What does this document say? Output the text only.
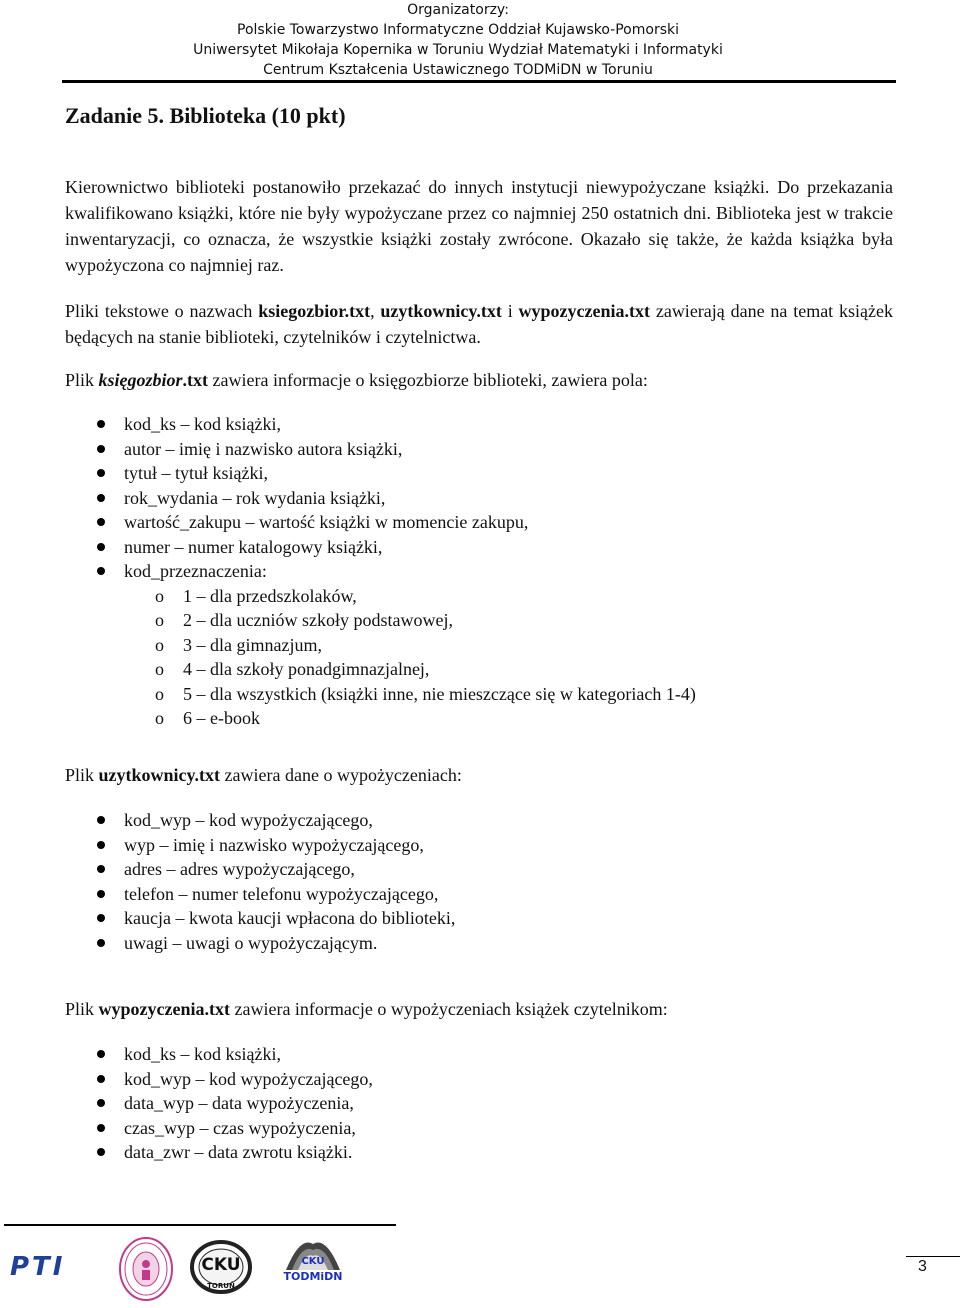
Organizatorzy:
Polskie Towarzystwo Informatyczne Oddział Kujawsko-Pomorski
Uniwersytet Mikołaja Kopernika w Toruniu Wydział Matematyki i Informatyki
Centrum Kształcenia Ustawicznego TODMiDN w Toruniu
Zadanie 5. Biblioteka (10 pkt)

Kierownictwo biblioteki postanowiło przekazać do innych instytucji niewypożyczane książki. Do przekazania kwalifikowano książki, które nie były wypożyczane przez co najmniej 250 ostatnich dni. Biblioteka jest w trakcie inwentaryzacji, co oznacza, że wszystkie książki zostały zwrócone. Okazało się także, że każda książka była wypożyczona co najmniej raz.

Pliki tekstowe o nazwach ksiegozbior.txt, uzytkownicy.txt i wypozyczenia.txt zawierają dane na temat książek będących na stanie biblioteki, czytelników i czytelnictwa.

Plik księgozbior.txt zawiera informacje o księgozbiorze biblioteki, zawiera pola:
kod_ks – kod książki,
autor – imię i nazwisko autora książki,
tytuł – tytuł książki,
rok_wydania – rok wydania książki,
wartość_zakupu – wartość książki w momencie zakupu,
numer – numer katalogowy książki,
kod_przeznaczenia:
o 1 – dla przedszkolaków,
o 2 – dla uczniów szkoły podstawowej,
o 3 – dla gimnazjum,
o 4 – dla szkoły ponadgimnazjalnej,
o 5 – dla wszystkich (książki inne, nie mieszczące się w kategoriach 1-4)
o 6 – e-book
Plik uzytkownicy.txt zawiera dane o wypożyczeniach:
kod_wyp – kod wypożyczającego,
wyp – imię i nazwisko wypożyczającego,
adres – adres wypożyczającego,
telefon – numer telefonu wypożyczającego,
kaucja – kwota kaucji wpłacona do biblioteki,
uwagi – uwagi o wypożyczającym.
Plik wypozyczenia.txt zawiera informacje o wypożyczeniach książek czytelnikom:
kod_ks – kod książki,
kod_wyp – kod wypożyczającego,
data_wyp – data wypożyczenia,
czas_wyp – czas wypożyczenia,
data_zwr – data zwrotu książki.
PTI	CKU
TORUŃ
CKU
TODMiDN
3
